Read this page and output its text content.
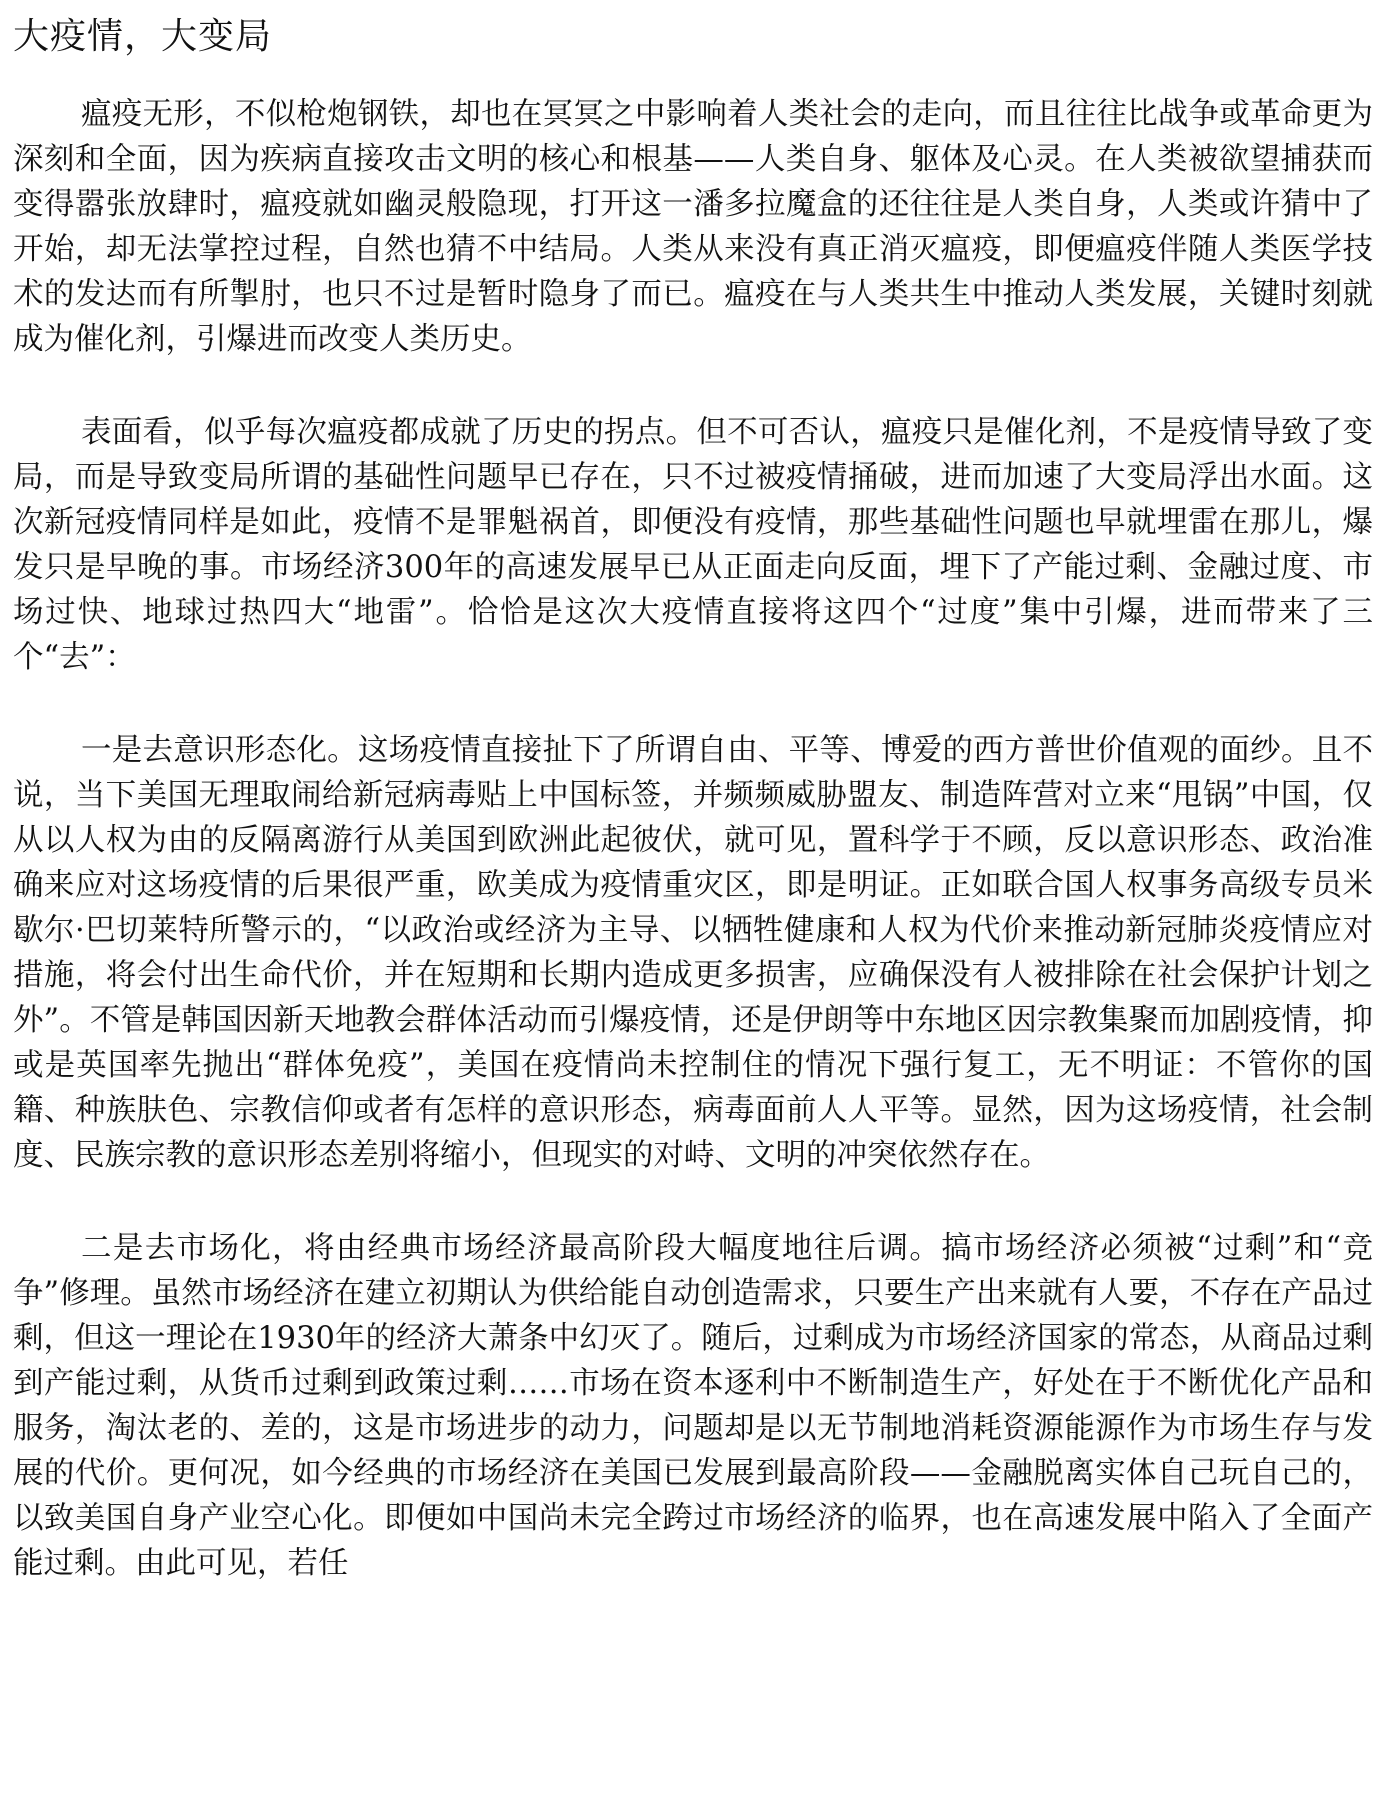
大疫情，大变局

瘟疫无形，不似枪炮钢铁，却也在冥冥之中影响着人类社会的走向，而且往往比战争或革命更为深刻和全面，因为疾病直接攻击文明的核心和根基——人类自身、躯体及心灵。在人类被欲望捕获而变得嚣张放肆时，瘟疫就如幽灵般隐现，打开这一潘多拉魔盒的还往往是人类自身，人类或许猜中了开始，却无法掌控过程，自然也猜不中结局。人类从来没有真正消灭瘟疫，即便瘟疫伴随人类医学技术的发达而有所掣肘，也只不过是暂时隐身了而已。瘟疫在与人类共生中推动人类发展，关键时刻就成为催化剂，引爆进而改变人类历史。

表面看，似乎每次瘟疫都成就了历史的拐点。但不可否认，瘟疫只是催化剂，不是疫情导致了变局，而是导致变局所谓的基础性问题早已存在，只不过被疫情捅破，进而加速了大变局浮出水面。这次新冠疫情同样是如此，疫情不是罪魁祸首，即便没有疫情，那些基础性问题也早就埋雷在那儿，爆发只是早晚的事。市场经济300年的高速发展早已从正面走向反面，埋下了产能过剩、金融过度、市场过快、地球过热四大“地雷”。恰恰是这次大疫情直接将这四个“过度”集中引爆，进而带来了三个“去”：

一是去意识形态化。这场疫情直接扯下了所谓自由、平等、博爱的西方普世价值观的面纱。且不说，当下美国无理取闹给新冠病毒贴上中国标签，并频频威胁盟友、制造阵营对立来“甩锅”中国，仅从以人权为由的反隔离游行从美国到欧洲此起彼伏，就可见，置科学于不顾，反以意识形态、政治准确来应对这场疫情的后果很严重，欧美成为疫情重灾区，即是明证。正如联合国人权事务高级专员米歇尔·巴切莱特所警示的，“以政治或经济为主导、以牺牲健康和人权为代价来推动新冠肺炎疫情应对措施，将会付出生命代价，并在短期和长期内造成更多损害，应确保没有人被排除在社会保护计划之外”。不管是韩国因新天地教会群体活动而引爆疫情，还是伊朗等中东地区因宗教集聚而加剧疫情，抑或是英国率先抛出“群体免疫”，美国在疫情尚未控制住的情况下强行复工，无不明证：不管你的国籍、种族肤色、宗教信仰或者有怎样的意识形态，病毒面前人人平等。显然，因为这场疫情，社会制度、民族宗教的意识形态差别将缩小，但现实的对峙、文明的冲突依然存在。

二是去市场化，将由经典市场经济最高阶段大幅度地往后调。搞市场经济必须被“过剩”和“竞争”修理。虽然市场经济在建立初期认为供给能自动创造需求，只要生产出来就有人要，不存在产品过剩，但这一理论在1930年的经济大萧条中幻灭了。随后，过剩成为市场经济国家的常态，从商品过剩到产能过剩，从货币过剩到政策过剩……市场在资本逐利中不断制造生产，好处在于不断优化产品和服务，淘汰老的、差的，这是市场进步的动力，问题却是以无节制地消耗资源能源作为市场生存与发展的代价。更何况，如今经典的市场经济在美国已发展到最高阶段——金融脱离实体自己玩自己的，以致美国自身产业空心化。即便如中国尚未完全跨过市场经济的临界，也在高速发展中陷入了全面产能过剩。由此可见，若任
